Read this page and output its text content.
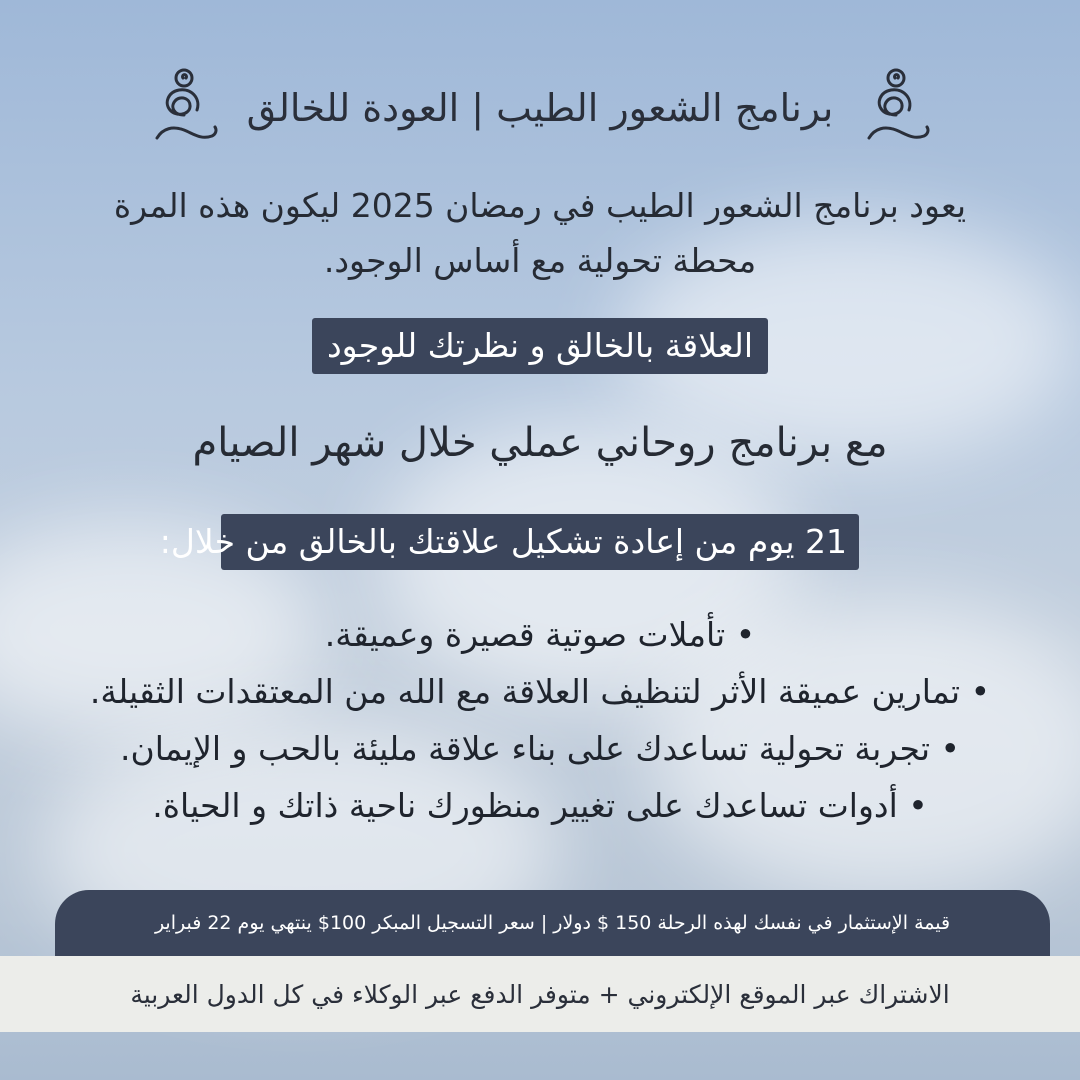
برنامج الشعور الطيب | العودة للخالق
يعود برنامج الشعور الطيب في رمضان 2025 ليكون هذه المرة
محطة تحولية مع أساس الوجود.
العلاقة بالخالق و نظرتك للوجود
مع برنامج روحاني عملي خلال شهر الصيام
21 يوم من إعادة تشكيل علاقتك بالخالق من خلال:
• تأملات صوتية قصيرة وعميقة.
• تمارين عميقة الأثر لتنظيف العلاقة مع الله من المعتقدات الثقيلة.
• تجربة تحولية تساعدك على بناء علاقة مليئة بالحب و الإيمان.
• أدوات تساعدك على تغيير منظورك ناحية ذاتك و الحياة.
قيمة الإستثمار في نفسك لهذه الرحلة 150 $ دولار | سعر التسجيل المبكر 100$ ينتهي يوم 22 فبراير
الاشتراك عبر الموقع الإلكتروني + متوفر الدفع عبر الوكلاء في كل الدول العربية
